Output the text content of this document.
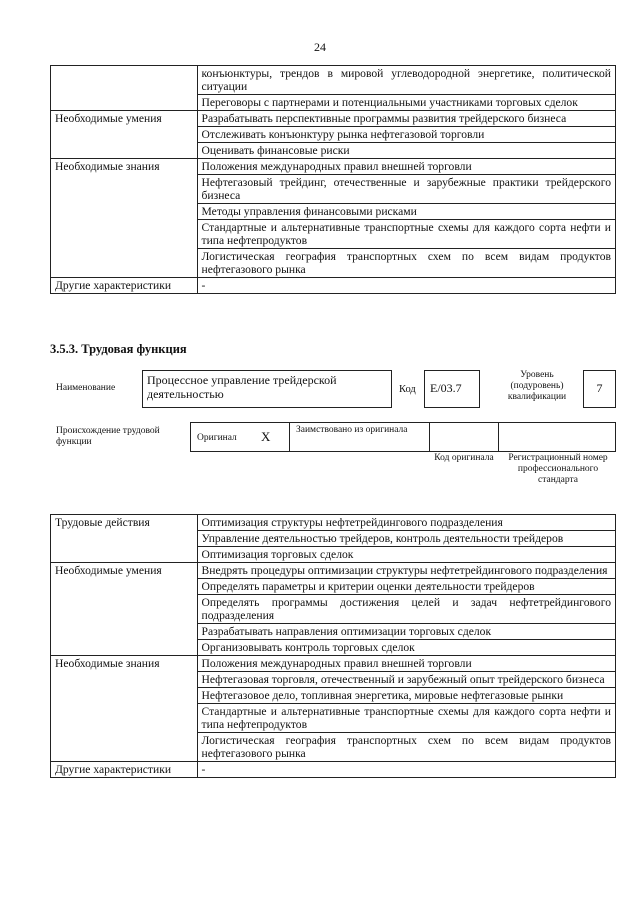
24
	конъюнктуры, трендов в мировой углеводородной энергетике, политической ситуации
	Переговоры с партнерами и потенциальными участниками торговых сделок
Необходимые умения	Разрабатывать перспективные программы развития трейдерского бизнеса
	Отслеживать конъюнктуру рынка нефтегазовой торговли
	Оценивать финансовые риски
Необходимые знания	Положения международных правил внешней торговли
	Нефтегазовый трейдинг, отечественные и зарубежные практики трейдерского бизнеса
	Методы управления финансовыми рисками
	Стандартные и альтернативные транспортные схемы для каждого сорта нефти и типа нефтепродуктов
	Логистическая география транспортных схем по всем видам продуктов нефтегазового рынка
Другие характеристики	-
3.5.3. Трудовая функция
Наименование
Процессное управление трейдерской деятельностью	Код E/03.7
Уровень (подуровень) квалификации
7
Происхождение трудовой функции	Оригинал X	Заимствовано из оригинала
Код оригинала	Регистрационный номер профессионального стандарта
Трудовые действия	Оптимизация структуры нефтетрейдингового подразделения
	Управление деятельностью трейдеров, контроль деятельности трейдеров
	Оптимизация торговых сделок
Необходимые умения	Внедрять процедуры оптимизации структуры нефтетрейдингового подразделения
	Определять параметры и критерии оценки деятельности трейдеров
	Определять программы достижения целей и задач нефтетрейдингового подразделения
	Разрабатывать направления оптимизации торговых сделок
	Организовывать контроль торговых сделок
Необходимые знания	Положения международных правил внешней торговли
	Нефтегазовая торговля, отечественный и зарубежный опыт трейдерского бизнеса
	Нефтегазовое дело, топливная энергетика, мировые нефтегазовые рынки
	Стандартные и альтернативные транспортные схемы для каждого сорта нефти и типа нефтепродуктов
	Логистическая география транспортных схем по всем видам продуктов нефтегазового рынка
Другие характеристики	-
